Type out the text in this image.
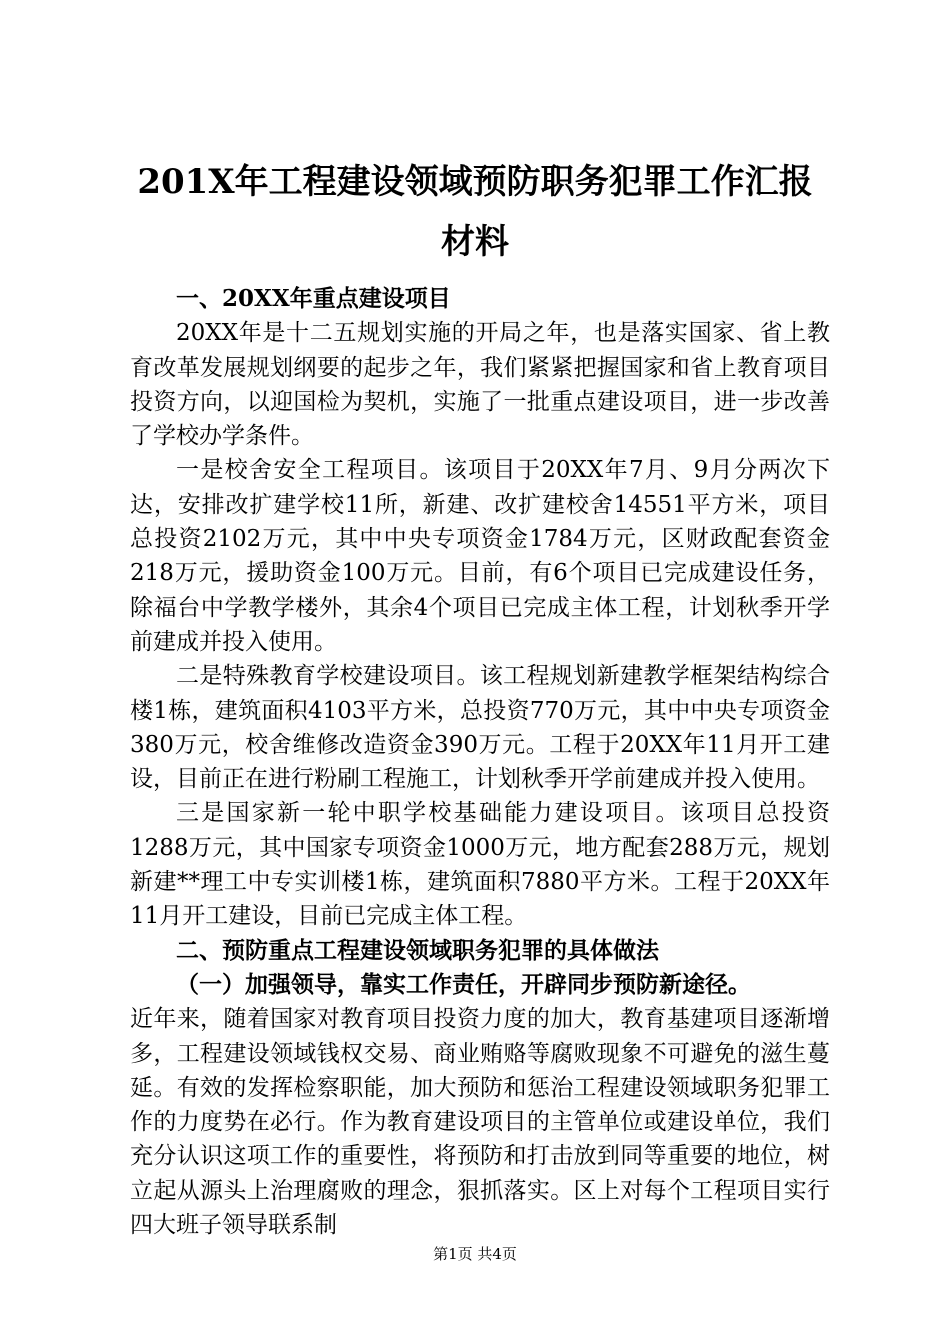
201X年工程建设领域预防职务犯罪工作汇报
材料

一、20XX年重点建设项目

20XX年是十二五规划实施的开局之年，也是落实国家、省上教育改革发展规划纲要的起步之年，我们紧紧把握国家和省上教育项目投资方向，以迎国检为契机，实施了一批重点建设项目，进一步改善了学校办学条件。

一是校舍安全工程项目。该项目于20XX年7月、9月分两次下达，安排改扩建学校11所，新建、改扩建校舍14551平方米，项目总投资2102万元，其中中央专项资金1784万元，区财政配套资金218万元，援助资金100万元。目前，有6个项目已完成建设任务，除福台中学教学楼外，其余4个项目已完成主体工程，计划秋季开学前建成并投入使用。

二是特殊教育学校建设项目。该工程规划新建教学框架结构综合楼1栋，建筑面积4103平方米，总投资770万元，其中中央专项资金380万元，校舍维修改造资金390万元。工程于20XX年11月开工建设，目前正在进行粉刷工程施工，计划秋季开学前建成并投入使用。

三是国家新一轮中职学校基础能力建设项目。该项目总投资1288万元，其中国家专项资金1000万元，地方配套288万元，规划新建**理工中专实训楼1栋，建筑面积7880平方米。工程于20XX年11月开工建设，目前已完成主体工程。

二、预防重点工程建设领域职务犯罪的具体做法

（一）加强领导，靠实工作责任，开辟同步预防新途径。

近年来，随着国家对教育项目投资力度的加大，教育基建项目逐渐增多，工程建设领域钱权交易、商业贿赂等腐败现象不可避免的滋生蔓延。有效的发挥检察职能，加大预防和惩治工程建设领域职务犯罪工作的力度势在必行。作为教育建设项目的主管单位或建设单位，我们充分认识这项工作的重要性，将预防和打击放到同等重要的地位，树立起从源头上治理腐败的理念，狠抓落实。区上对每个工程项目实行四大班子领导联系制

第1页 共4页
